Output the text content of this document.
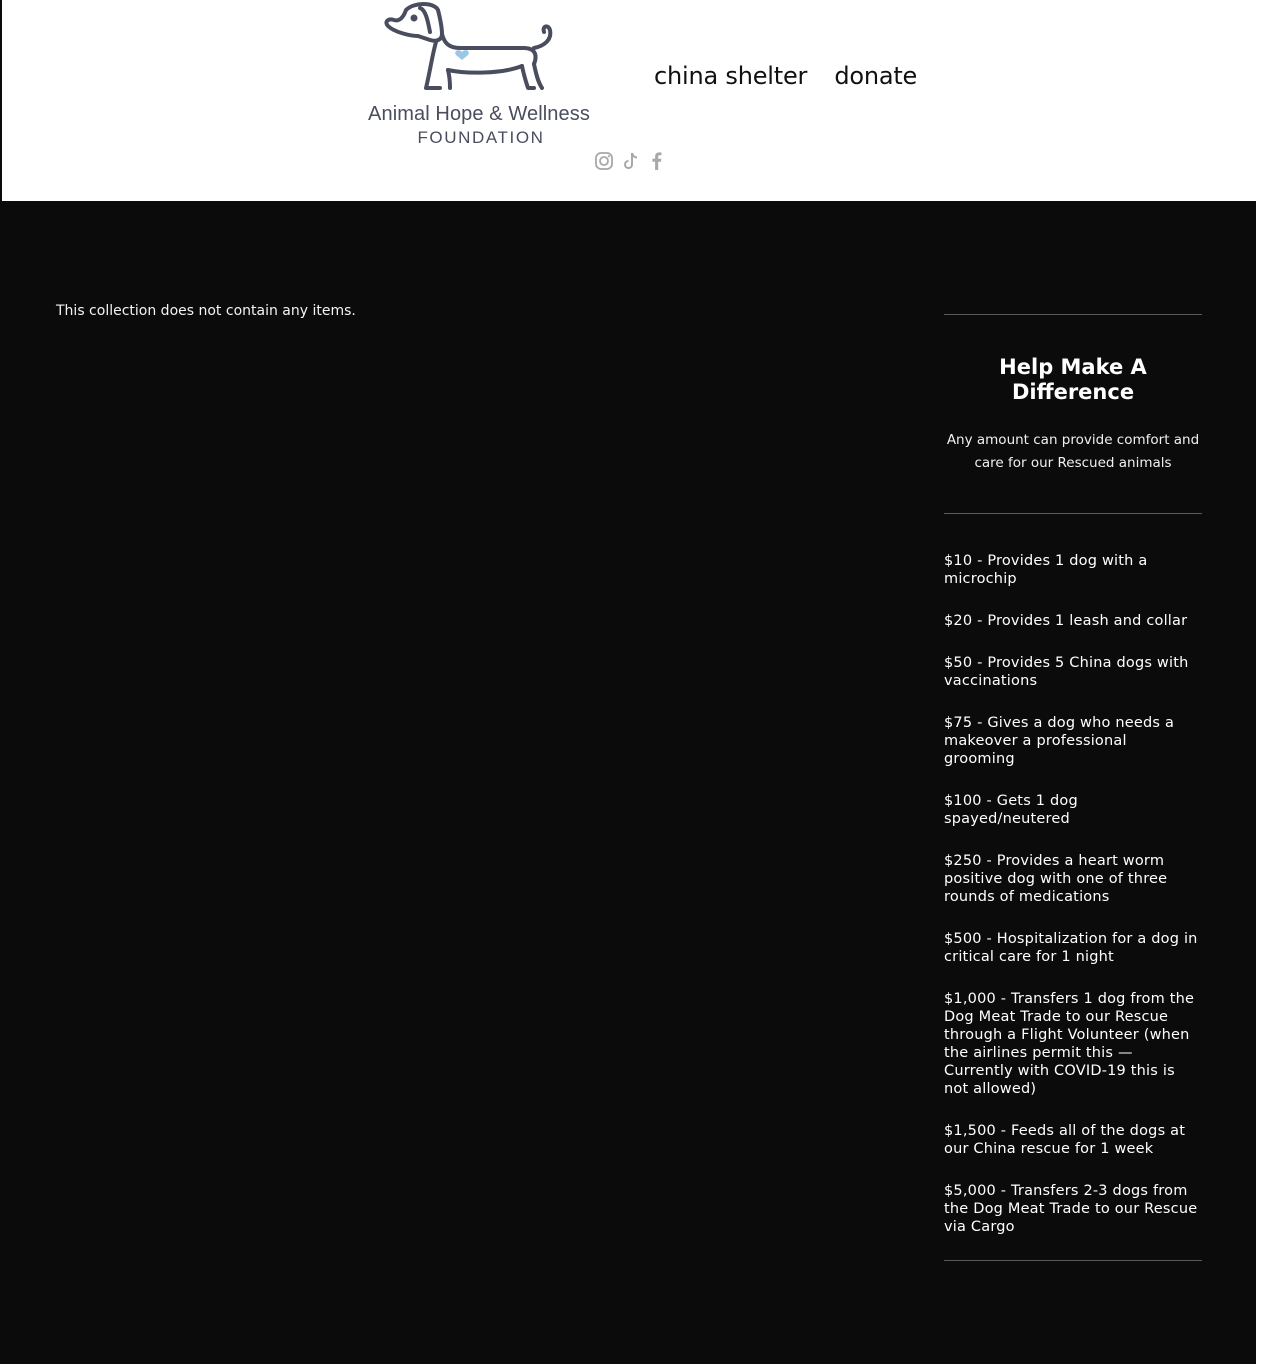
Animal Hope & Wellness
FOUNDATION
china shelter donate
This collection does not contain any items.
Help Make A Difference

Any amount can provide comfort and care for our Rescued animals

$10 - Provides 1 dog with a microchip
$20 - Provides 1 leash and collar
$50 - Provides 5 China dogs with vaccinations
$75 - Gives a dog who needs a makeover a professional grooming
$100 - Gets 1 dog spayed/neutered
$250 - Provides a heart worm positive dog with one of three rounds of medications
$500 - Hospitalization for a dog in critical care for 1 night
$1,000 - Transfers 1 dog from the Dog Meat Trade to our Rescue through a Flight Volunteer (when the airlines permit this — Currently with COVID-19 this is not allowed)
$1,500 - Feeds all of the dogs at our China rescue for 1 week
$5,000 - Transfers 2-3 dogs from the Dog Meat Trade to our Rescue via Cargo
